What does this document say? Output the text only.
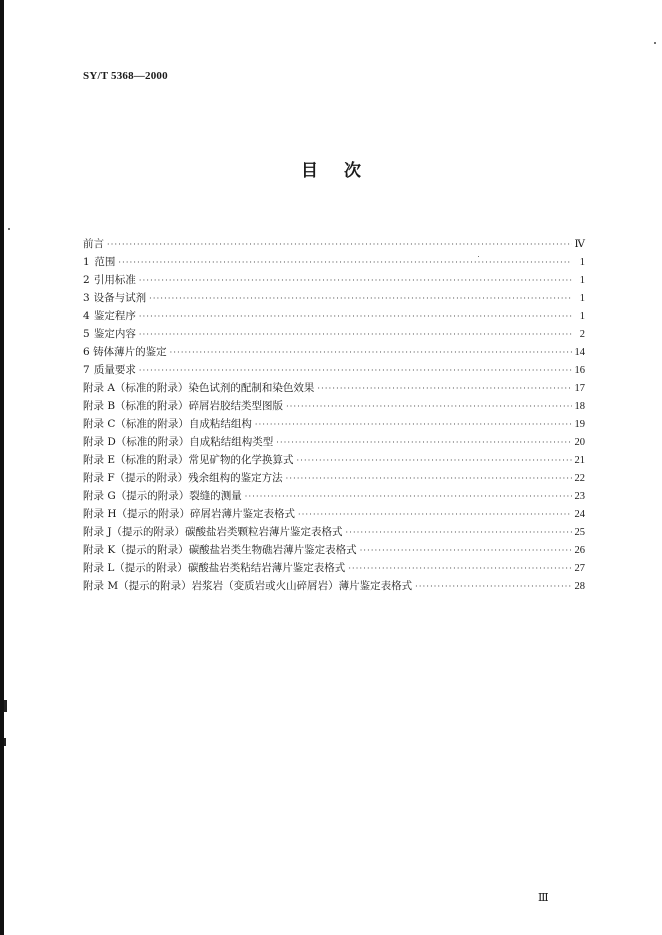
SY/T 5368—2000
目次
前言 ·····	Ⅳ
1 范围 ·····	1
2 引用标准 ·····	1
3 设备与试剂 ·····	1
4 鉴定程序 ·····	1
5 鉴定内容 ·····	2
6 铸体薄片的鉴定 ·····	14
7 质量要求 ·····	16
附录 A（标准的附录） 染色试剂的配制和染色效果 ·····	17
附录 B（标准的附录） 碎屑岩胶结类型图版 ·····	18
附录 C（标准的附录） 自成粘结组构 ·····	19
附录 D（标准的附录） 自成粘结组构类型 ·····	20
附录 E（标准的附录） 常见矿物的化学换算式 ·····	21
附录 F（提示的附录） 残余组构的鉴定方法 ·····	22
附录 G（提示的附录） 裂缝的测量 ·····	23
附录 H（提示的附录） 碎屑岩薄片鉴定表格式 ·····	24
附录 J（提示的附录） 碳酸盐岩类颗粒岩薄片鉴定表格式 ·····	25
附录 K（提示的附录） 碳酸盐岩类生物礁岩薄片鉴定表格式 ·····	26
附录 L（提示的附录） 碳酸盐岩类粘结岩薄片鉴定表格式 ·····	27
附录 M（提示的附录） 岩浆岩（变质岩或火山碎屑岩）薄片鉴定表格式 ·····	28
Ⅲ
